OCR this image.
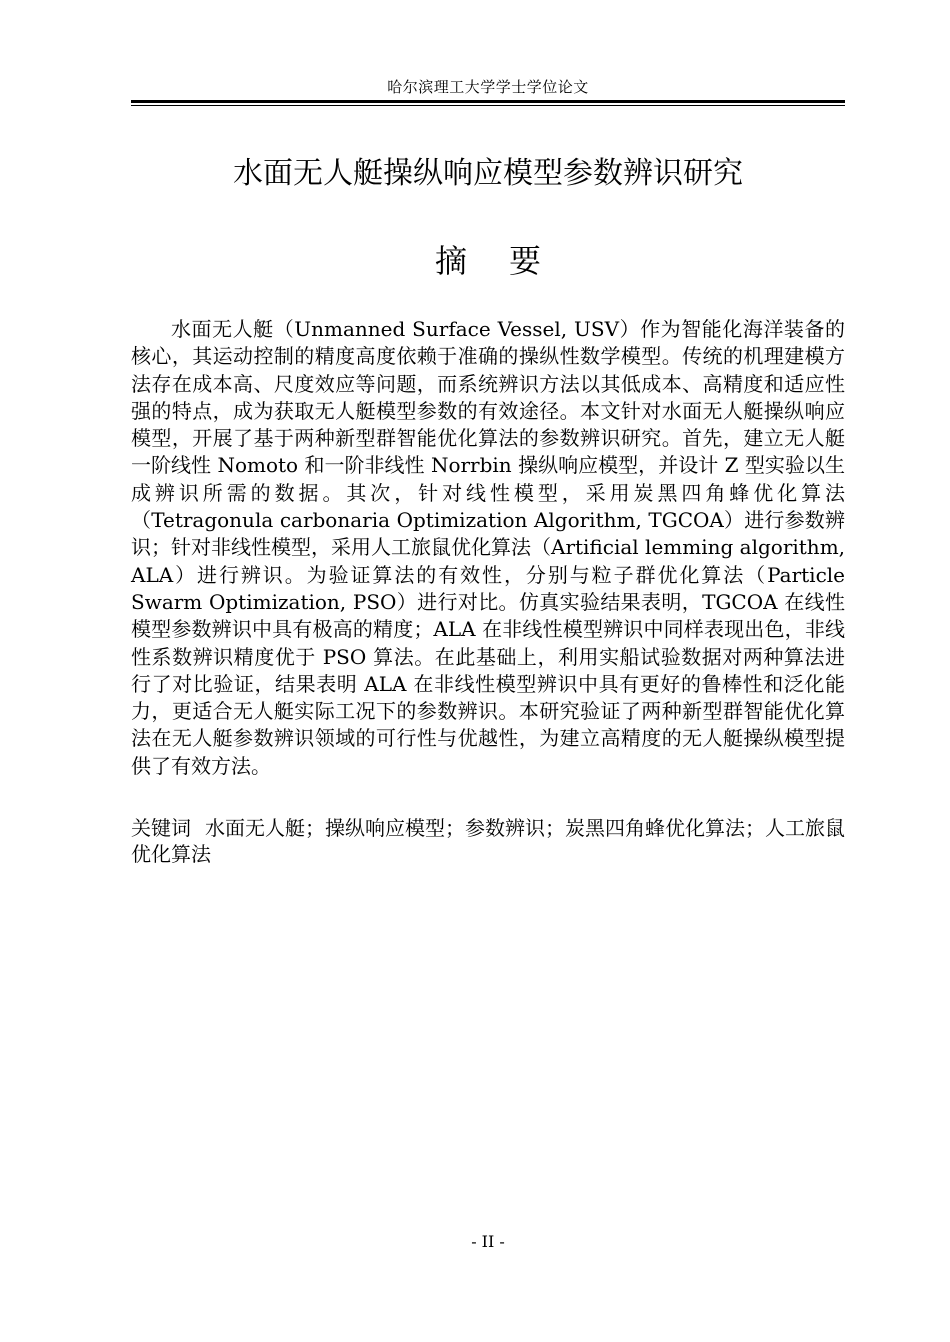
哈尔滨理工大学学士学位论文
水面无人艇操纵响应模型参数辨识研究
摘要

水面无人艇（Unmanned Surface Vessel, USV）作为智能化海洋装备的核心，其运动控制的精度高度依赖于准确的操纵性数学模型。传统的机理建模方法存在成本高、尺度效应等问题，而系统辨识方法以其低成本、高精度和适应性强的特点，成为获取无人艇模型参数的有效途径。本文针对水面无人艇操纵响应模型，开展了基于两种新型群智能优化算法的参数辨识研究。首先，建立无人艇一阶线性 Nomoto 和一阶非线性 Norrbin 操纵响应模型，并设计 Z 型实验以生成辨识所需的数据。其次，针对线性模型，采用炭黑四角蜂优化算法（Tetragonula carbonaria Optimization Algorithm, TGCOA）进行参数辨识；针对非线性模型，采用人工旅鼠优化算法（Artificial lemming algorithm, ALA）进行辨识。为验证算法的有效性，分别与粒子群优化算法（Particle Swarm Optimization, PSO）进行对比。仿真实验结果表明，TGCOA 在线性模型参数辨识中具有极高的精度；ALA 在非线性模型辨识中同样表现出色，非线性系数辨识精度优于 PSO 算法。在此基础上，利用实船试验数据对两种算法进行了对比验证，结果表明 ALA 在非线性模型辨识中具有更好的鲁棒性和泛化能力，更适合无人艇实际工况下的参数辨识。本研究验证了两种新型群智能优化算法在无人艇参数辨识领域的可行性与优越性，为建立高精度的无人艇操纵模型提供了有效方法。

关键词 水面无人艇；操纵响应模型；参数辨识；炭黑四角蜂优化算法；人工旅鼠优化算法

- II -
